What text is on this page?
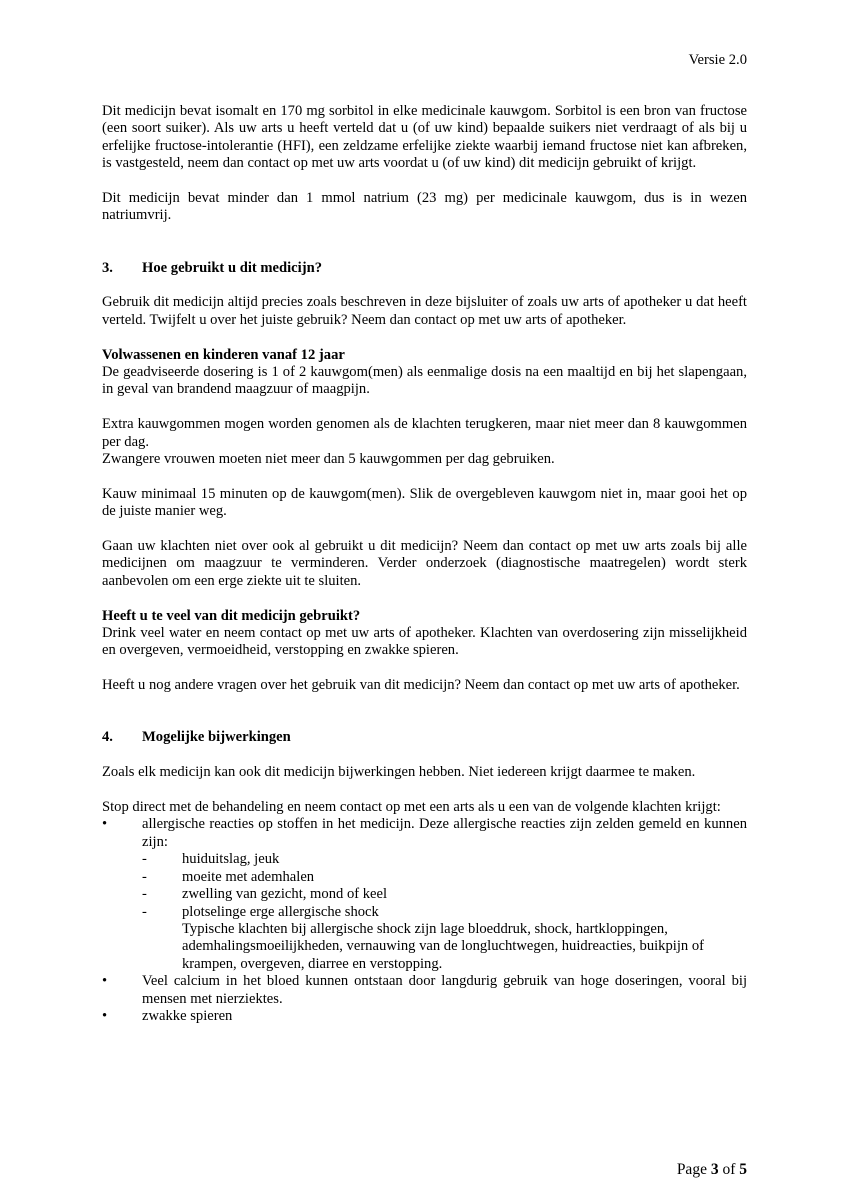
Versie 2.0

Dit medicijn bevat isomalt en 170 mg sorbitol in elke medicinale kauwgom. Sorbitol is een bron van fructose (een soort suiker). Als uw arts u heeft verteld dat u (of uw kind) bepaalde suikers niet verdraagt of als bij u erfelijke fructose-intolerantie (HFI), een zeldzame erfelijke ziekte waarbij iemand fructose niet kan afbreken, is vastgesteld, neem dan contact op met uw arts voordat u (of uw kind) dit medicijn gebruikt of krijgt.

Dit medicijn bevat minder dan 1 mmol natrium (23 mg) per medicinale kauwgom, dus is in wezen natriumvrij.

3.	Hoe gebruikt u dit medicijn?

Gebruik dit medicijn altijd precies zoals beschreven in deze bijsluiter of zoals uw arts of apotheker u dat heeft verteld. Twijfelt u over het juiste gebruik? Neem dan contact op met uw arts of apotheker.

Volwassenen en kinderen vanaf 12 jaar

De geadviseerde dosering is 1 of 2 kauwgom(men) als eenmalige dosis na een maaltijd en bij het slapengaan, in geval van brandend maagzuur of maagpijn.

Extra kauwgommen mogen worden genomen als de klachten terugkeren, maar niet meer dan 8 kauwgommen per dag.

Zwangere vrouwen moeten niet meer dan 5 kauwgommen per dag gebruiken.

Kauw minimaal 15 minuten op de kauwgom(men). Slik de overgebleven kauwgom niet in, maar gooi het op de juiste manier weg.

Gaan uw klachten niet over ook al gebruikt u dit medicijn? Neem dan contact op met uw arts zoals bij alle medicijnen om maagzuur te verminderen. Verder onderzoek (diagnostische maatregelen) wordt sterk aanbevolen om een erge ziekte uit te sluiten.

Heeft u te veel van dit medicijn gebruikt?

Drink veel water en neem contact op met uw arts of apotheker. Klachten van overdosering zijn misselijkheid en overgeven, vermoeidheid, verstopping en zwakke spieren.

Heeft u nog andere vragen over het gebruik van dit medicijn? Neem dan contact op met uw arts of apotheker.

4.	Mogelijke bijwerkingen

Zoals elk medicijn kan ook dit medicijn bijwerkingen hebben. Niet iedereen krijgt daarmee te maken.

Stop direct met de behandeling en neem contact op met een arts als u een van de volgende klachten krijgt:

• allergische reacties op stoffen in het medicijn. Deze allergische reacties zijn zelden gemeld en kunnen zijn:
- huiduitslag, jeuk
- moeite met ademhalen
- zwelling van gezicht, mond of keel
- plotselinge erge allergische shock
Typische klachten bij allergische shock zijn lage bloeddruk, shock, hartkloppingen, ademhalingsmoeilijkheden, vernauwing van de longluchtwegen, huidreacties, buikpijn of krampen, overgeven, diarree en verstopping.
• Veel calcium in het bloed kunnen ontstaan door langdurig gebruik van hoge doseringen, vooral bij mensen met nierziektes.
• zwakke spieren
Page 3 of 5
